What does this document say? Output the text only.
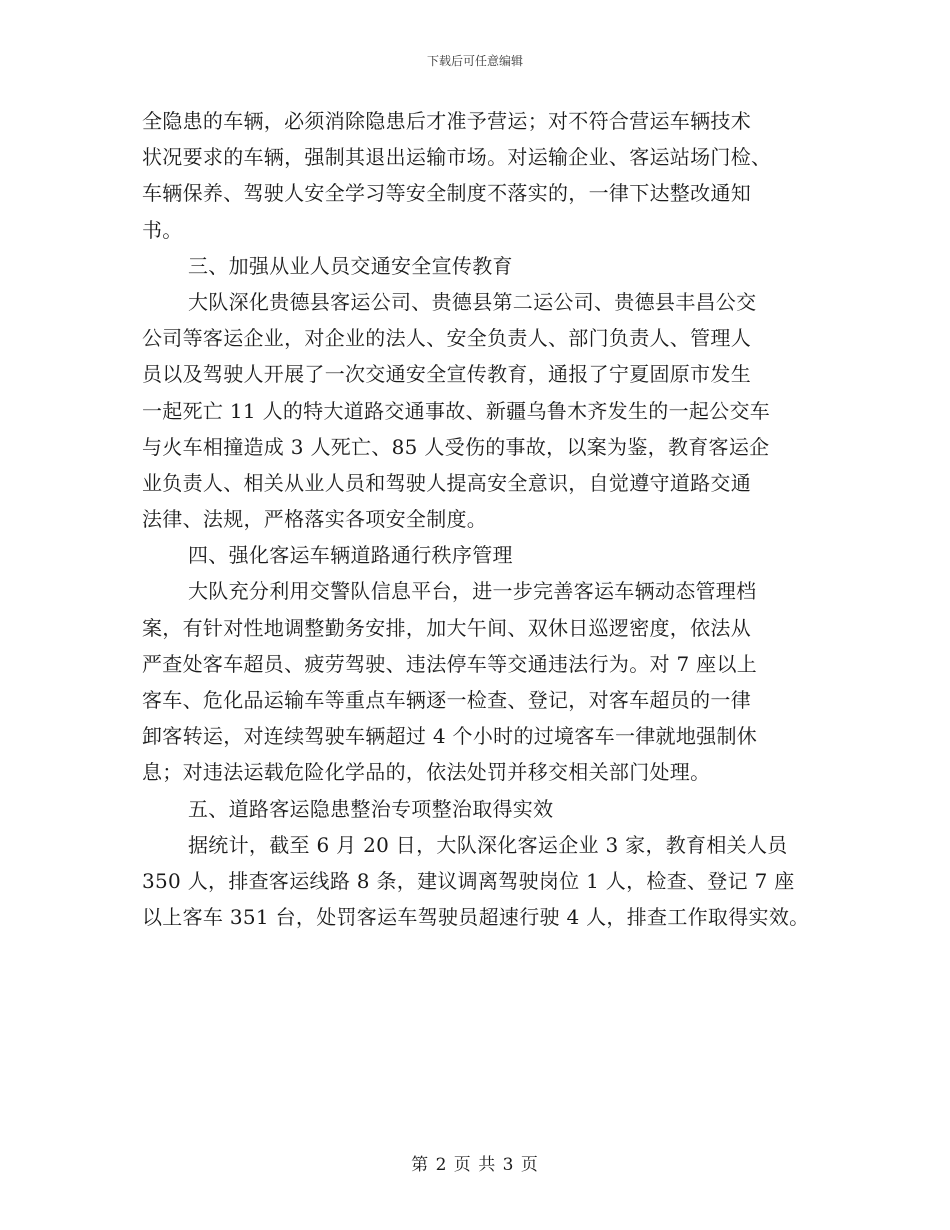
下载后可任意编辑
全隐患的车辆，必须消除隐患后才准予营运；对不符合营运车辆技术
状况要求的车辆，强制其退出运输市场。对运输企业、客运站场门检、
车辆保养、驾驶人安全学习等安全制度不落实的，一律下达整改通知
书。
三、加强从业人员交通安全宣传教育
大队深化贵德县客运公司、贵德县第二运公司、贵德县丰昌公交
公司等客运企业，对企业的法人、安全负责人、部门负责人、管理人
员以及驾驶人开展了一次交通安全宣传教育，通报了宁夏固原市发生
一起死亡 11 人的特大道路交通事故、新疆乌鲁木齐发生的一起公交车
与火车相撞造成 3 人死亡、85 人受伤的事故，以案为鉴，教育客运企
业负责人、相关从业人员和驾驶人提高安全意识，自觉遵守道路交通
法律、法规，严格落实各项安全制度。
四、强化客运车辆道路通行秩序管理
大队充分利用交警队信息平台，进一步完善客运车辆动态管理档
案，有针对性地调整勤务安排，加大午间、双休日巡逻密度，依法从
严查处客车超员、疲劳驾驶、违法停车等交通违法行为。对 7 座以上
客车、危化品运输车等重点车辆逐一检查、登记，对客车超员的一律
卸客转运，对连续驾驶车辆超过 4 个小时的过境客车一律就地强制休
息；对违法运载危险化学品的，依法处罚并移交相关部门处理。
五、道路客运隐患整治专项整治取得实效
据统计，截至 6 月 20 日，大队深化客运企业 3 家，教育相关人员
350 人，排查客运线路 8 条，建议调离驾驶岗位 1 人，检查、登记 7 座
以上客车 351 台，处罚客运车驾驶员超速行驶 4 人，排查工作取得实效。
第 2 页 共 3 页
